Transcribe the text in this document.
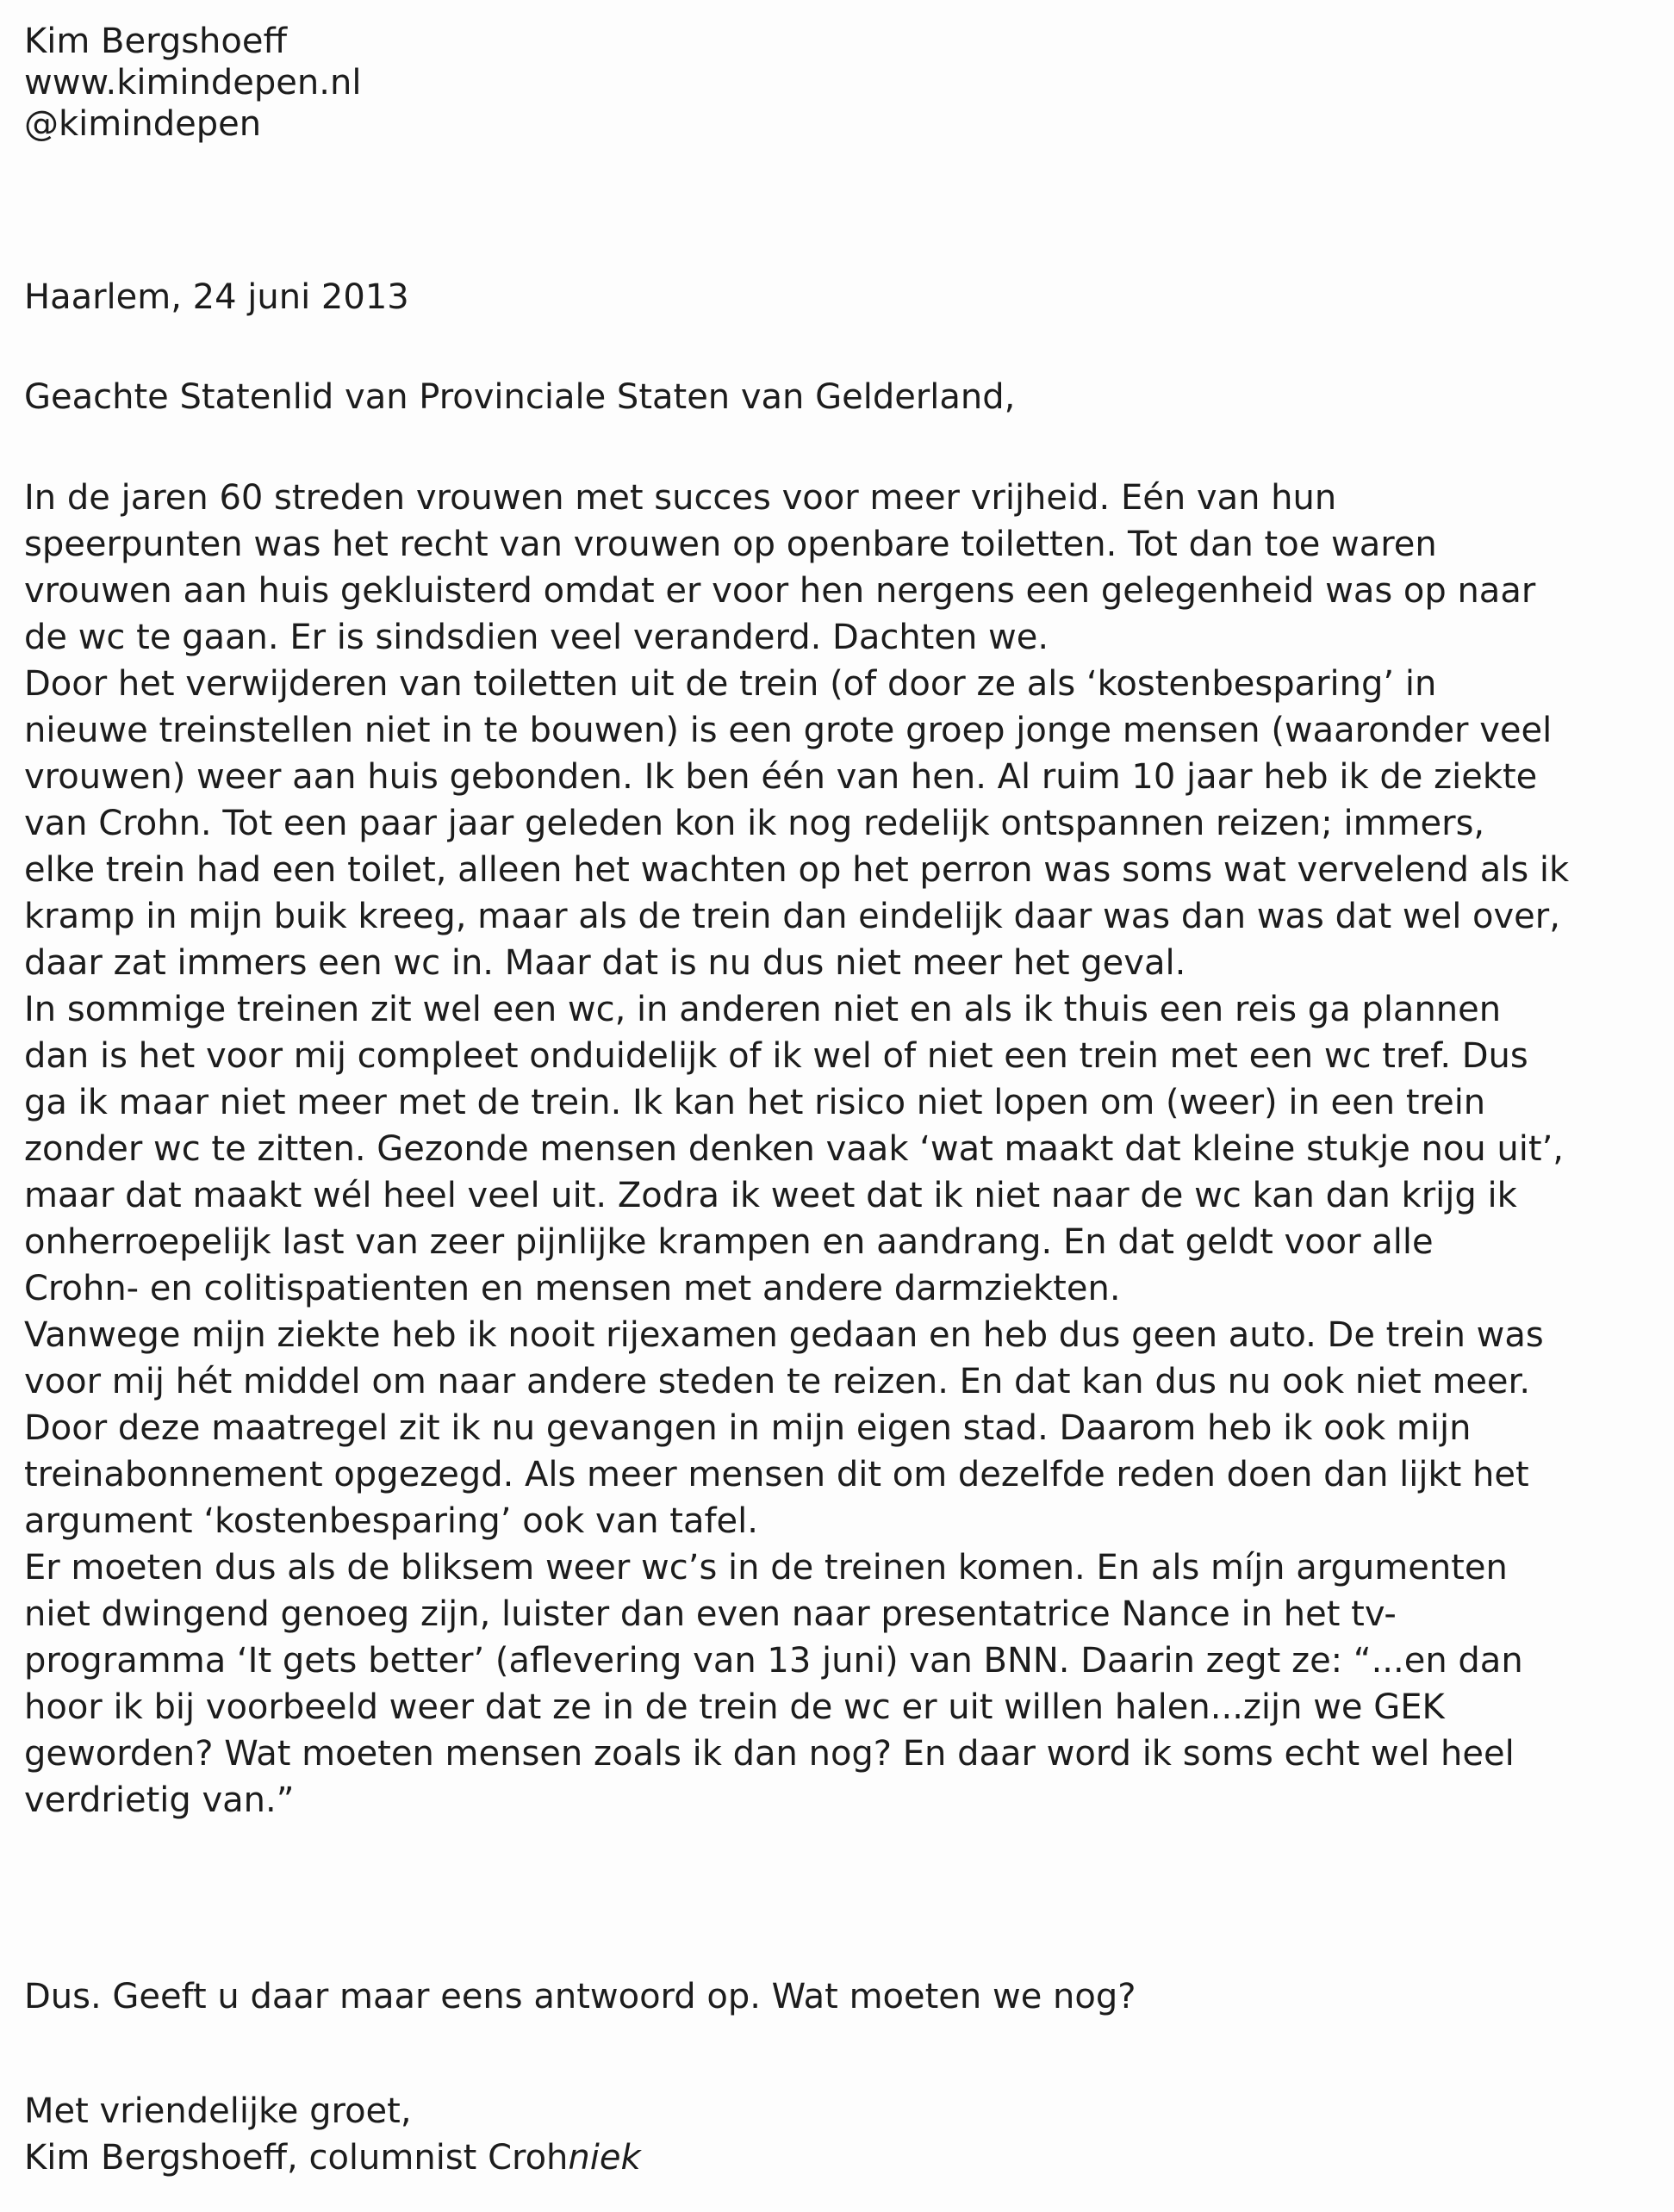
Kim Bergshoeff
www.kimindepen.nl
@kimindepen
Haarlem, 24 juni 2013
Geachte Statenlid van Provinciale Staten van Gelderland,
In de jaren 60 streden vrouwen met succes voor meer vrijheid. Eén van hun
speerpunten was het recht van vrouwen op openbare toiletten. Tot dan toe waren
vrouwen aan huis gekluisterd omdat er voor hen nergens een gelegenheid was op naar
de wc te gaan. Er is sindsdien veel veranderd. Dachten we.
Door het verwijderen van toiletten uit de trein (of door ze als ‘kostenbesparing’ in
nieuwe treinstellen niet in te bouwen) is een grote groep jonge mensen (waaronder veel
vrouwen) weer aan huis gebonden. Ik ben één van hen. Al ruim 10 jaar heb ik de ziekte
van Crohn. Tot een paar jaar geleden kon ik nog redelijk ontspannen reizen; immers,
elke trein had een toilet, alleen het wachten op het perron was soms wat vervelend als ik
kramp in mijn buik kreeg, maar als de trein dan eindelijk daar was dan was dat wel over,
daar zat immers een wc in. Maar dat is nu dus niet meer het geval.
In sommige treinen zit wel een wc, in anderen niet en als ik thuis een reis ga plannen
dan is het voor mij compleet onduidelijk of ik wel of niet een trein met een wc tref. Dus
ga ik maar niet meer met de trein. Ik kan het risico niet lopen om (weer) in een trein
zonder wc te zitten. Gezonde mensen denken vaak ‘wat maakt dat kleine stukje nou uit’,
maar dat maakt wél heel veel uit. Zodra ik weet dat ik niet naar de wc kan dan krijg ik
onherroepelijk last van zeer pijnlijke krampen en aandrang. En dat geldt voor alle
Crohn- en colitispatienten en mensen met andere darmziekten.
Vanwege mijn ziekte heb ik nooit rijexamen gedaan en heb dus geen auto. De trein was
voor mij hét middel om naar andere steden te reizen. En dat kan dus nu ook niet meer.
Door deze maatregel zit ik nu gevangen in mijn eigen stad. Daarom heb ik ook mijn
treinabonnement opgezegd. Als meer mensen dit om dezelfde reden doen dan lijkt het
argument ‘kostenbesparing’ ook van tafel.
Er moeten dus als de bliksem weer wc’s in de treinen komen. En als míjn argumenten
niet dwingend genoeg zijn, luister dan even naar presentatrice Nance in het tv-
programma ‘It gets better’ (aflevering van 13 juni) van BNN. Daarin zegt ze: “...en dan
hoor ik bij voorbeeld weer dat ze in de trein de wc er uit willen halen...zijn we GEK
geworden? Wat moeten mensen zoals ik dan nog? En daar word ik soms echt wel heel
verdrietig van.”
Dus. Geeft u daar maar eens antwoord op. Wat moeten we nog?
Met vriendelijke groet,
Kim Bergshoeff, columnist Crohniek
